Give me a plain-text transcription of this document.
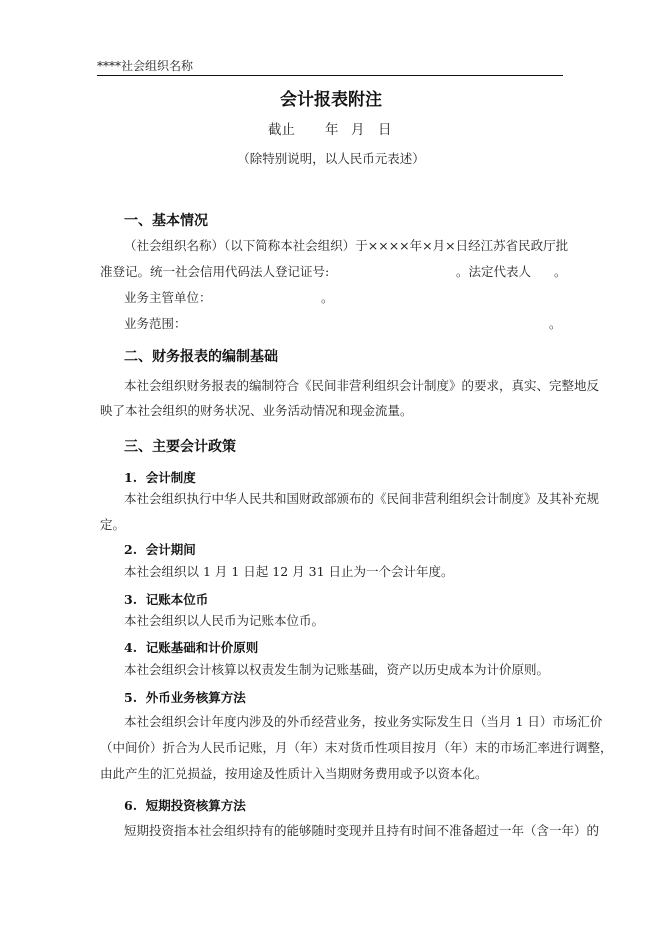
****社会组织名称
会计报表附注
截止 年 月 日
（除特别说明，以人民币元表述）
一、基本情况
（社会组织名称）（以下简称本社会组织）于××××年×月×日经江苏省民政厅批
准登记。统一社会信用代码法人登记证号:	。法定代表人 。
业务主管单位：	。
业务范围：	。
二、财务报表的编制基础
本社会组织财务报表的编制符合《民间非营利组织会计制度》的要求，真实、完整地反
映了本社会组织的财务状况、业务活动情况和现金流量。
三、主要会计政策
1.  会计制度
本社会组织执行中华人民共和国财政部颁布的《民间非营利组织会计制度》及其补充规
定。
2.  会计期间
本社会组织以 1 月 1 日起 12 月 31 日止为一个会计年度。
3.  记账本位币
本社会组织以人民币为记账本位币。
4.  记账基础和计价原则
本社会组织会计核算以权责发生制为记账基础，资产以历史成本为计价原则。
5.  外币业务核算方法
本社会组织会计年度内涉及的外币经营业务，按业务实际发生日（当月 1 日）市场汇价
（中间价）折合为人民币记账，月（年）末对货币性项目按月（年）末的市场汇率进行调整，
由此产生的汇兑损益，按用途及性质计入当期财务费用或予以资本化。
6.  短期投资核算方法
短期投资指本社会组织持有的能够随时变现并且持有时间不准备超过一年（含一年）的
